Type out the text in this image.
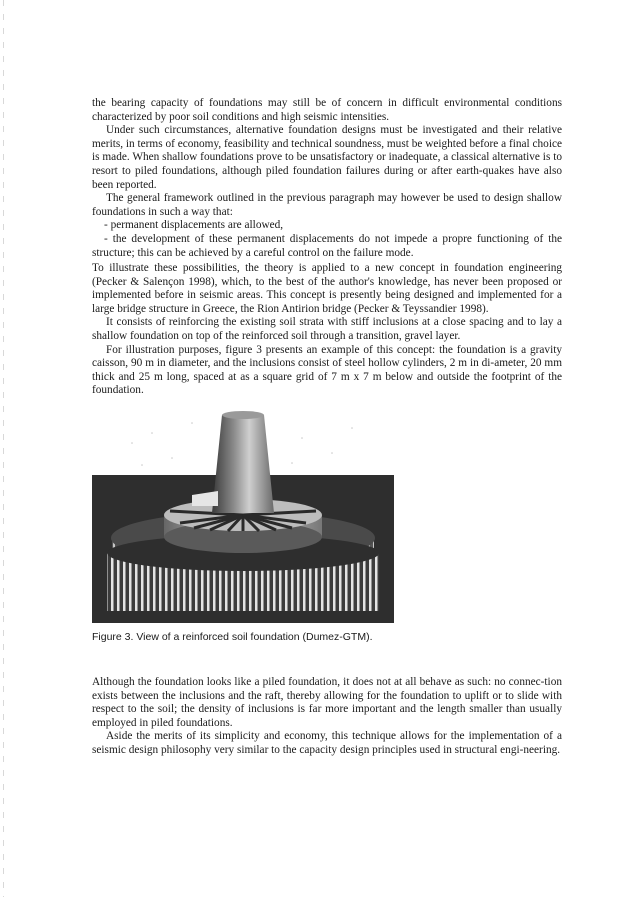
the bearing capacity of foundations may still be of concern in difficult environmental conditions characterized by poor soil conditions and high seismic intensities.

Under such circumstances, alternative foundation designs must be investigated and their relative merits, in terms of economy, feasibility and technical soundness, must be weighted before a final choice is made. When shallow foundations prove to be unsatisfactory or inadequate, a classical alternative is to resort to piled foundations, although piled foundation failures during or after earth-quakes have also been reported.

The general framework outlined in the previous paragraph may however be used to design shallow foundations in such a way that:

- permanent displacements are allowed,

- the development of these permanent displacements do not impede a propre functioning of the structure; this can be achieved by a careful control on the failure mode.

To illustrate these possibilities, the theory is applied to a new concept in foundation engineering (Pecker & Salençon 1998), which, to the best of the author's knowledge, has never been proposed or implemented before in seismic areas. This concept is presently being designed and implemented for a large bridge structure in Greece, the Rion Antirion bridge (Pecker & Teyssandier 1998).

It consists of reinforcing the existing soil strata with stiff inclusions at a close spacing and to lay a shallow foundation on top of the reinforced soil through a transition, gravel layer.

For illustration purposes, figure 3 presents an example of this concept: the foundation is a gravity caisson, 90 m in diameter, and the inclusions consist of steel hollow cylinders, 2 m in di-ameter, 20 mm thick and 25 m long, spaced at as a square grid of 7 m x 7 m below and outside the footprint of the foundation.

Figure 3. View of a reinforced soil foundation (Dumez-GTM).

Although the foundation looks like a piled foundation, it does not at all behave as such: no connec-tion exists between the inclusions and the raft, thereby allowing for the foundation to uplift or to slide with respect to the soil; the density of inclusions is far more important and the length smaller than usually employed in piled foundations.

Aside the merits of its simplicity and economy, this technique allows for the implementation of a seismic design philosophy very similar to the capacity design principles used in structural engi-neering.
